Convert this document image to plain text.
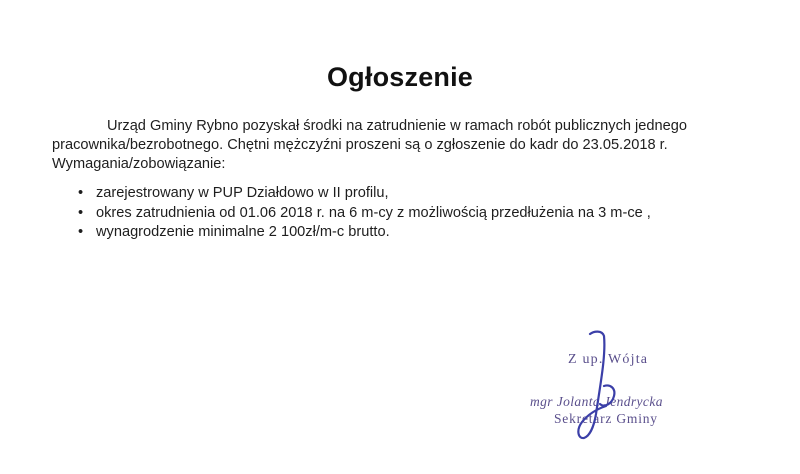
Ogłoszenie
Urząd Gminy Rybno pozyskał środki na zatrudnienie w ramach robót publicznych jednego
pracownika/bezrobotnego. Chętni mężczyźni proszeni są o zgłoszenie do kadr do 23.05.2018 r.
Wymagania/zobowiązanie:
• zarejestrowany w PUP Działdowo w II profilu,
• okres zatrudnienia od 01.06 2018 r. na 6 m-cy z możliwością przedłużenia na 3 m-ce ,
• wynagrodzenie minimalne 2 100zł/m-c brutto.
Z up. Wójta
mgr Jolanta Jendrycka
Sekretarz Gminy
